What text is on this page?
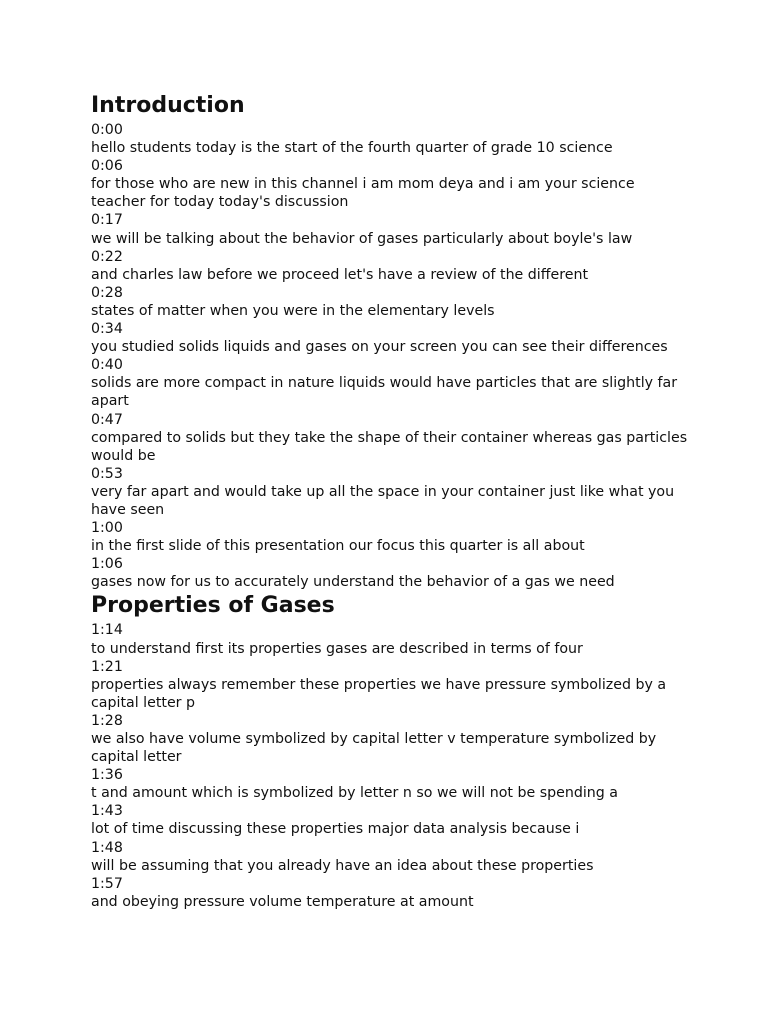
Introduction
0:00
hello students today is the start of the fourth quarter of grade 10 science
0:06
for those who are new in this channel i am mom deya and i am your science teacher for today today's discussion
0:17
we will be talking about the behavior of gases particularly about boyle's law
0:22
and charles law before we proceed let's have a review of the different
0:28
states of matter when you were in the elementary levels
0:34
you studied solids liquids and gases on your screen you can see their differences
0:40
solids are more compact in nature liquids would have particles that are slightly far apart
0:47
compared to solids but they take the shape of their container whereas gas particles would be
0:53
very far apart and would take up all the space in your container just like what you have seen
1:00
in the first slide of this presentation our focus this quarter is all about
1:06
gases now for us to accurately understand the behavior of a gas we need
Properties of Gases
1:14
to understand first its properties gases are described in terms of four
1:21
properties always remember these properties we have pressure symbolized by a capital letter p
1:28
we also have volume symbolized by capital letter v temperature symbolized by capital letter
1:36
t and amount which is symbolized by letter n so we will not be spending a
1:43
lot of time discussing these properties major data analysis because i
1:48
will be assuming that you already have an idea about these properties
1:57
and obeying pressure volume temperature at amount
